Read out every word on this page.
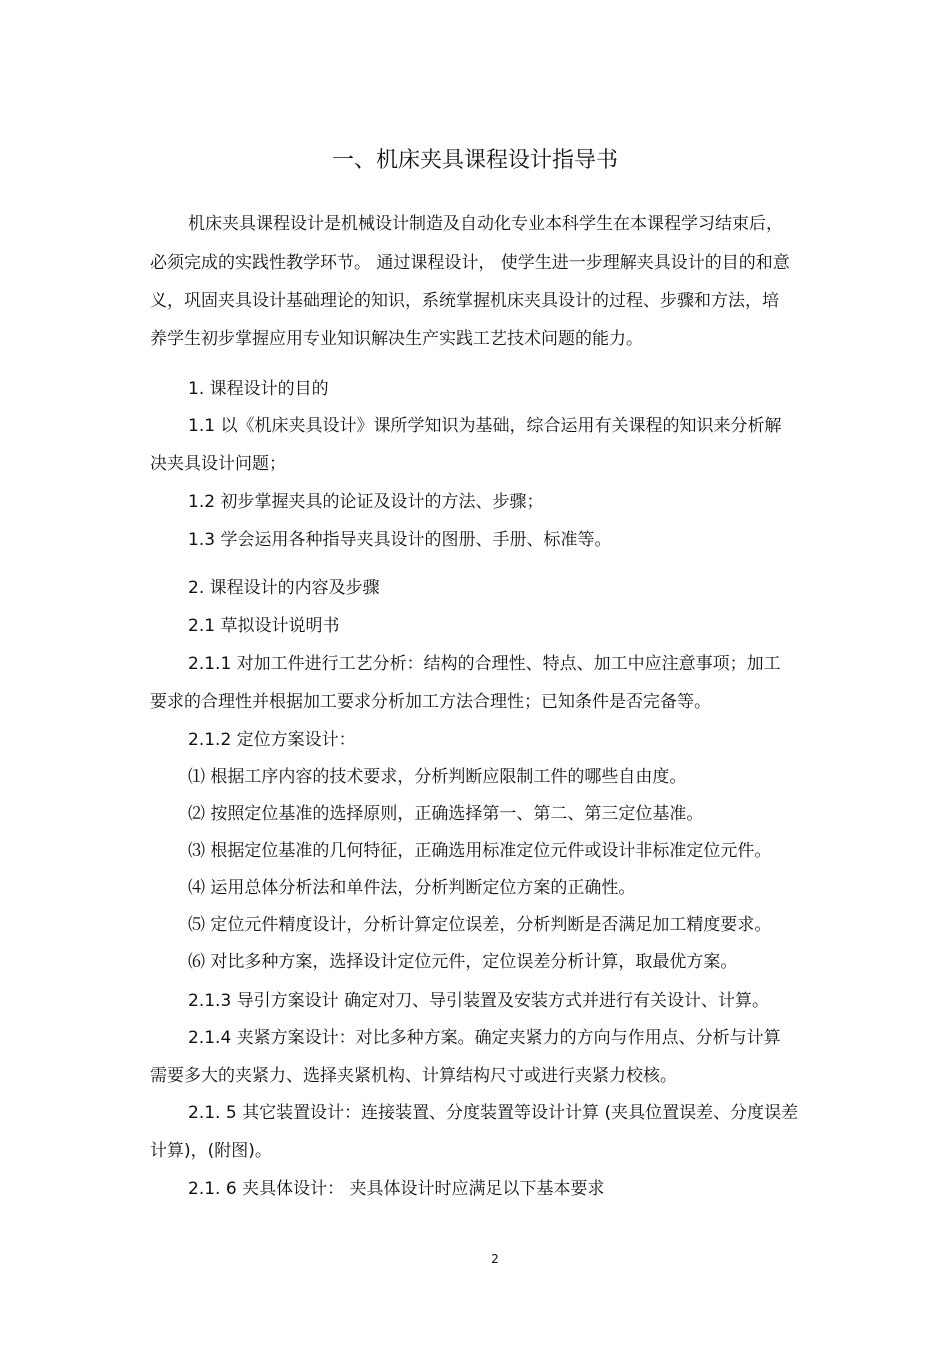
一、机床夹具课程设计指导书
机床夹具课程设计是机械设计制造及自动化专业本科学生在本课程学习结束后，
必须完成的实践性教学环节。 通过课程设计， 使学生进一步理解夹具设计的目的和意
义，巩固夹具设计基础理论的知识，系统掌握机床夹具设计的过程、步骤和方法，培
养学生初步掌握应用专业知识解决生产实践工艺技术问题的能力。
1. 课程设计的目的
1.1 以《机床夹具设计》课所学知识为基础，综合运用有关课程的知识来分析解
决夹具设计问题；
1.2 初步掌握夹具的论证及设计的方法、步骤；
1.3 学会运用各种指导夹具设计的图册、手册、标准等。
2. 课程设计的内容及步骤
2.1 草拟设计说明书
2.1.1 对加工件进行工艺分析：结构的合理性、特点、加工中应注意事项；加工
要求的合理性并根据加工要求分析加工方法合理性；已知条件是否完备等。
2.1.2 定位方案设计：
⑴ 根据工序内容的技术要求，分析判断应限制工件的哪些自由度。
⑵ 按照定位基准的选择原则，正确选择第一、第二、第三定位基准。
⑶ 根据定位基准的几何特征，正确选用标准定位元件或设计非标准定位元件。
⑷ 运用总体分析法和单件法，分析判断定位方案的正确性。
⑸ 定位元件精度设计，分析计算定位误差，分析判断是否满足加工精度要求。
⑹ 对比多种方案，选择设计定位元件，定位误差分析计算，取最优方案。
2.1.3 导引方案设计 确定对刀、导引装置及安装方式并进行有关设计、计算。
2.1.4 夹紧方案设计：对比多种方案。确定夹紧力的方向与作用点、分析与计算
需要多大的夹紧力、选择夹紧机构、计算结构尺寸或进行夹紧力校核。
2.1. 5 其它装置设计：连接装置、分度装置等设计计算 (夹具位置误差、分度误差
计算)，(附图)。
2.1. 6 夹具体设计： 夹具体设计时应满足以下基本要求
2
